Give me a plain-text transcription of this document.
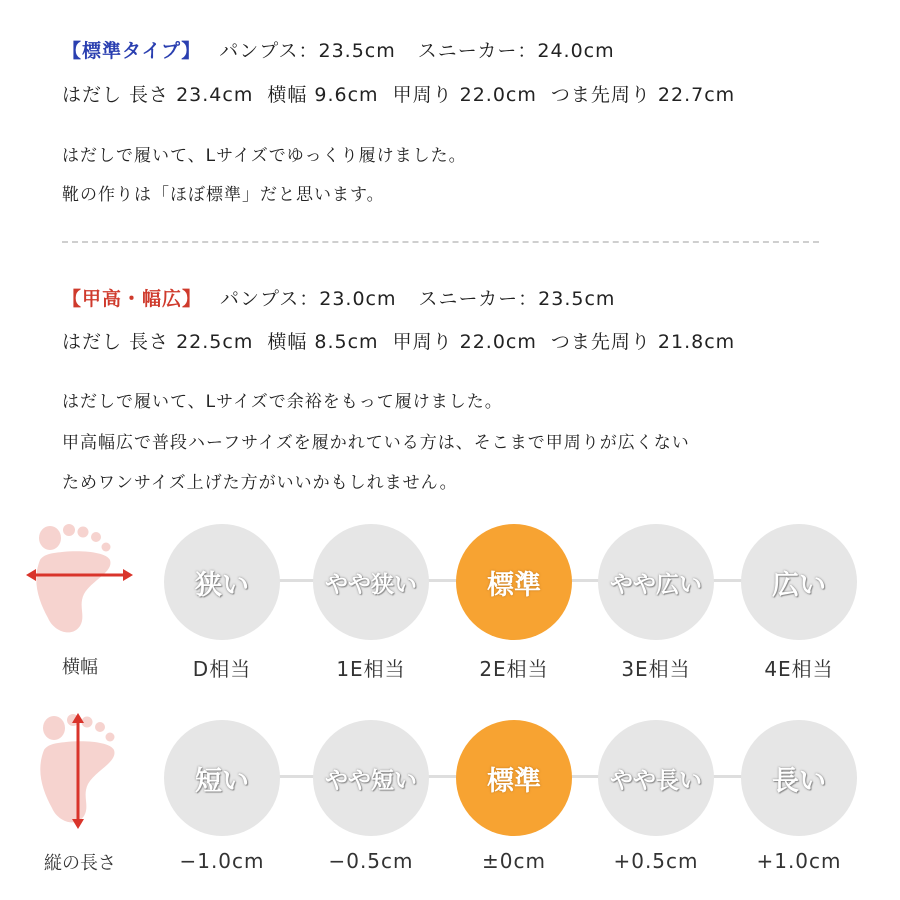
【標準タイプ】 パンプス：23.5cm スニーカー：24.0cm
はだし 長さ 23.4cm 横幅 9.6cm 甲周り 22.0cm つま先周り 22.7cm
はだしで履いて、Lサイズでゆっくり履けました。
靴の作りは「ほぼ標準」だと思います。
【甲高・幅広】 パンプス：23.0cm スニーカー：23.5cm
はだし 長さ 22.5cm 横幅 8.5cm 甲周り 22.0cm つま先周り 21.8cm
はだしで履いて、Lサイズで余裕をもって履けました。
甲高幅広で普段ハーフサイズを履かれている方は、そこまで甲周りが広くない
ためワンサイズ上げた方がいいかもしれません。
横幅
狭い	やや狭い	標準	やや広い	広い
D相当	1E相当	2E相当	3E相当	4E相当
縦の長さ
短い	やや短い	標準	やや長い	長い
−1.0cm	−0.5cm	±0cm	+0.5cm	+1.0cm
